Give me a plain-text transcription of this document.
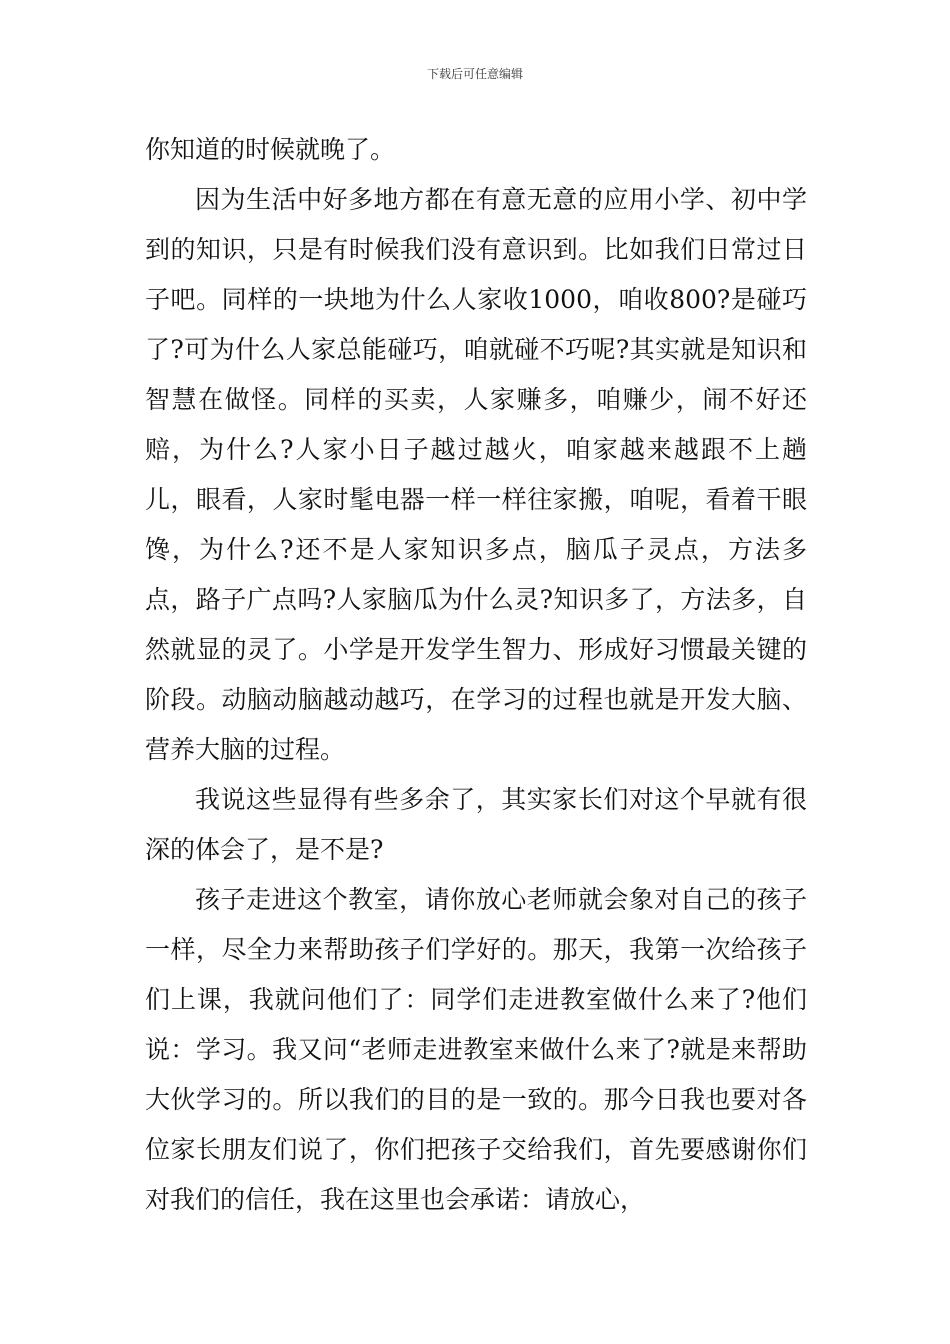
下载后可任意编辑

你知道的时候就晚了。

因为生活中好多地方都在有意无意的应用小学、初中学到的知识，只是有时候我们没有意识到。比如我们日常过日子吧。同样的一块地为什么人家收1000，咱收800?是碰巧了?可为什么人家总能碰巧，咱就碰不巧呢?其实就是知识和智慧在做怪。同样的买卖，人家赚多，咱赚少，闹不好还赔，为什么?人家小日子越过越火，咱家越来越跟不上趟儿，眼看，人家时髦电器一样一样往家搬，咱呢，看着干眼馋，为什么?还不是人家知识多点，脑瓜子灵点，方法多点，路子广点吗?人家脑瓜为什么灵?知识多了，方法多，自然就显的灵了。小学是开发学生智力、形成好习惯最关键的阶段。动脑动脑越动越巧，在学习的过程也就是开发大脑、营养大脑的过程。

我说这些显得有些多余了，其实家长们对这个早就有很深的体会了，是不是?

孩子走进这个教室，请你放心老师就会象对自己的孩子一样，尽全力来帮助孩子们学好的。那天，我第一次给孩子们上课，我就问他们了：同学们走进教室做什么来了?他们说：学习。我又问“老师走进教室来做什么来了?就是来帮助大伙学习的。所以我们的目的是一致的。那今日我也要对各位家长朋友们说了，你们把孩子交给我们，首先要感谢你们对我们的信任，我在这里也会承诺：请放心，
